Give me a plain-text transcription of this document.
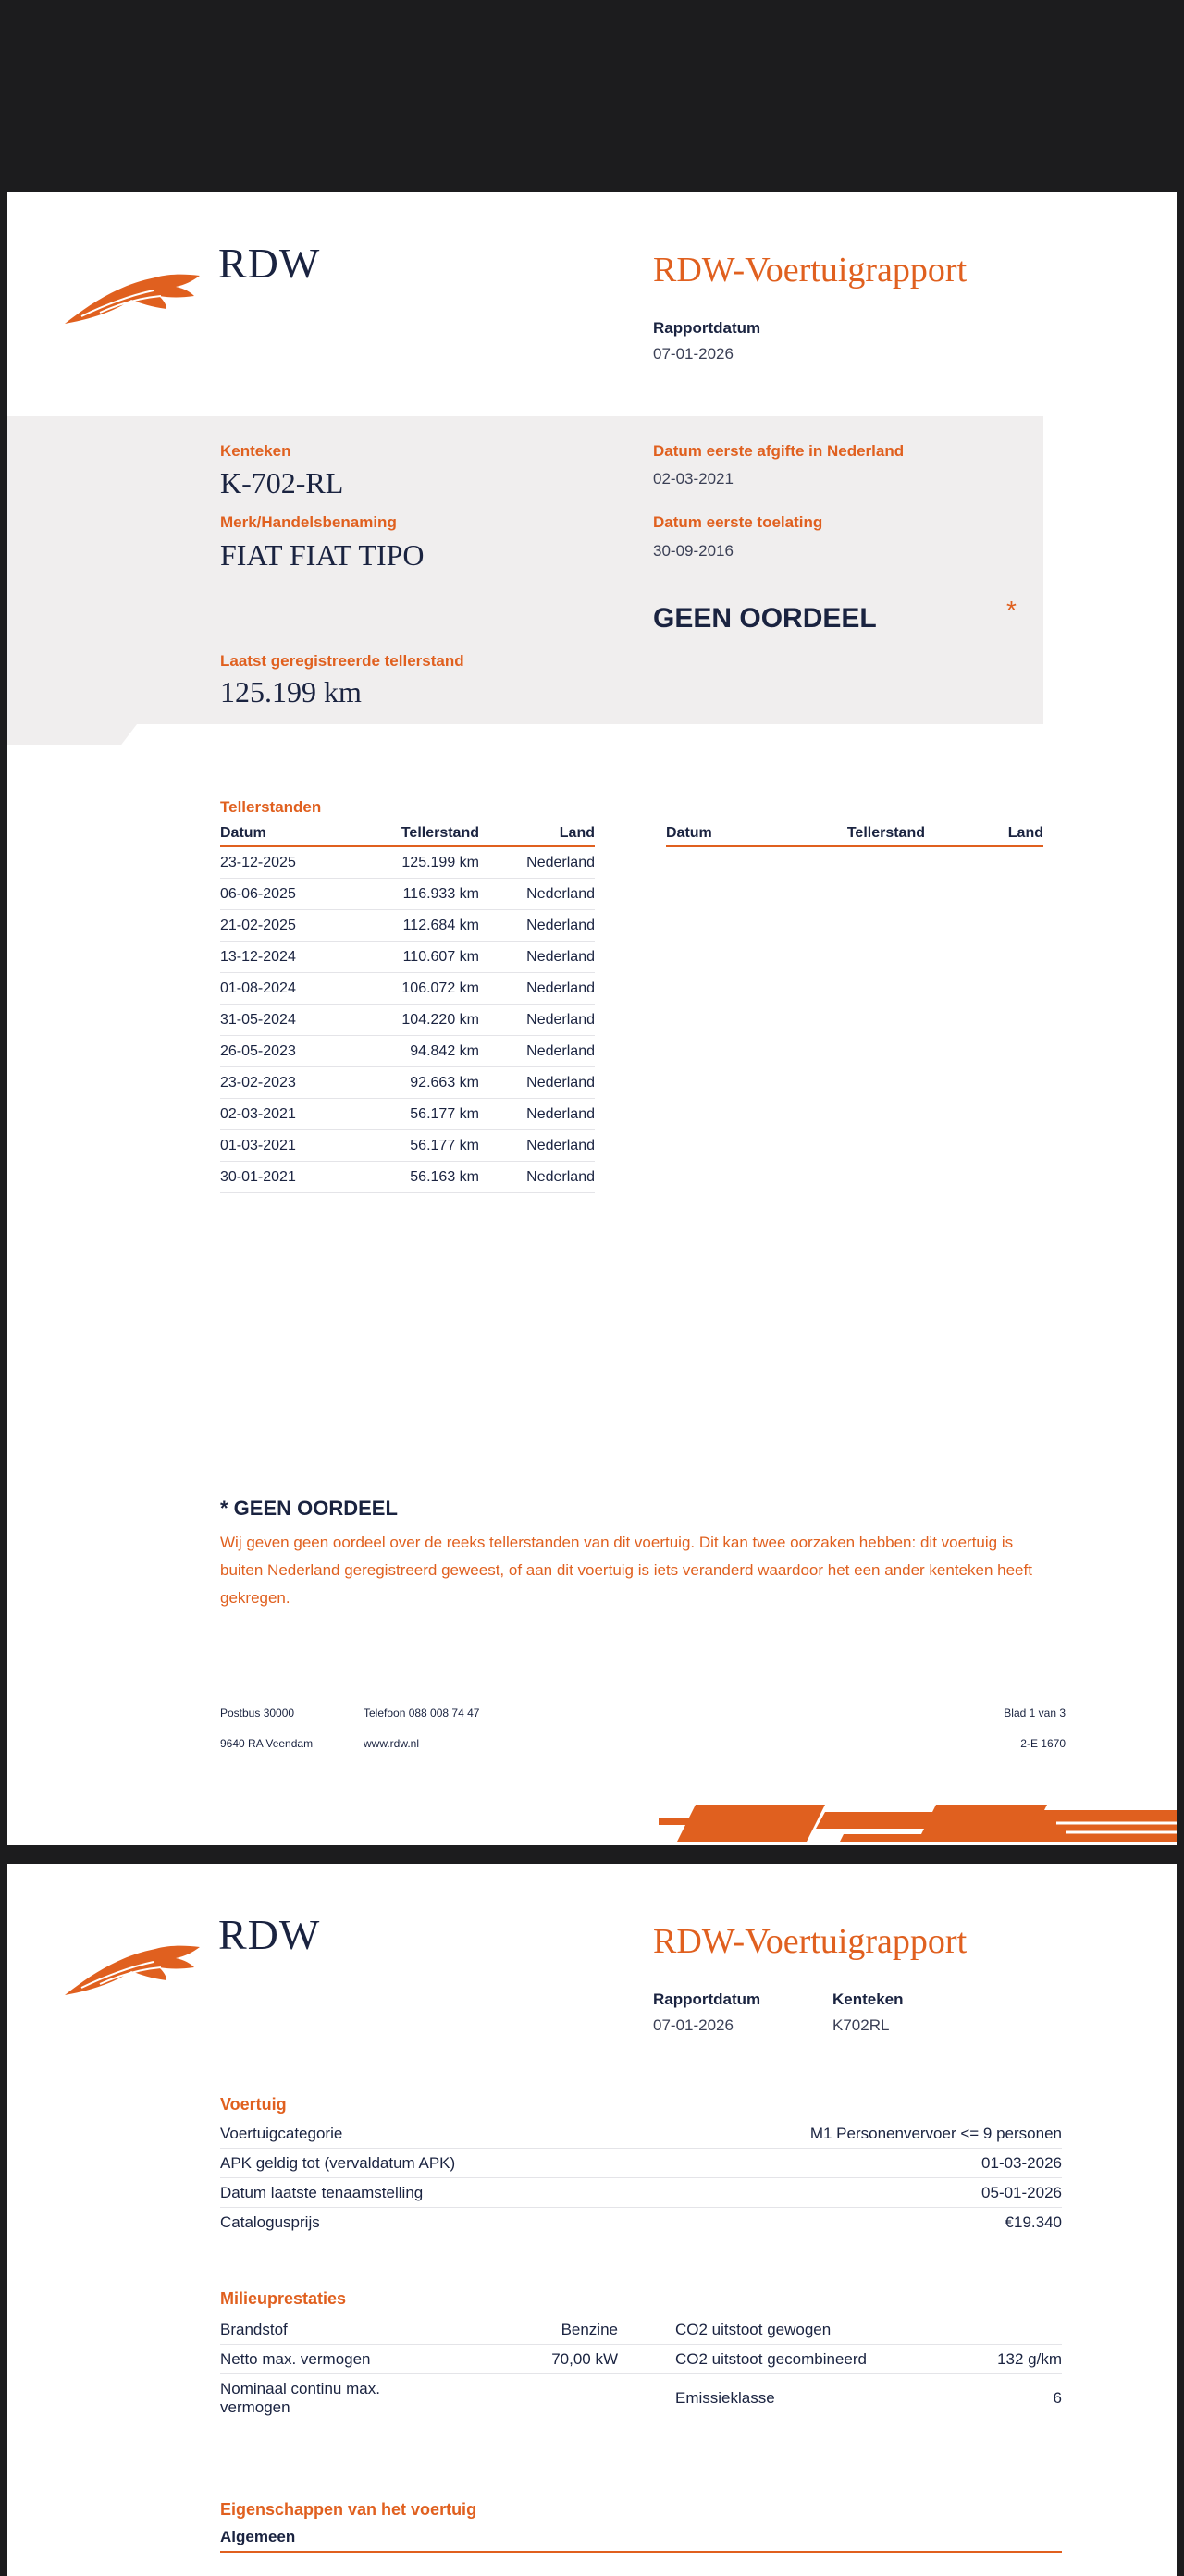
RDW	RDW-Voertuigrapport
Rapportdatum
07-01-2026
Kenteken
K-702-RL
Merk/Handelsbenaming
FIAT FIAT TIPO
Datum eerste afgifte in Nederland
02-03-2021
Datum eerste toelating
30-09-2016
GEEN OORDEEL	*
Laatst geregistreerde tellerstand
125.199 km
Tellerstanden
Datum	Tellerstand	Land
23-12-2025	125.199 km	Nederland
06-06-2025	116.933 km	Nederland
21-02-2025	112.684 km	Nederland
13-12-2024	110.607 km	Nederland
01-08-2024	106.072 km	Nederland
31-05-2024	104.220 km	Nederland
26-05-2023	94.842 km	Nederland
23-02-2023	92.663 km	Nederland
02-03-2021	56.177 km	Nederland
01-03-2021	56.177 km	Nederland
30-01-2021	56.163 km	Nederland
Datum	Tellerstand	Land
* GEEN OORDEEL
Wij geven geen oordeel over de reeks tellerstanden van dit voertuig. Dit kan twee oorzaken hebben: dit voertuig is buiten Nederland geregistreerd geweest, of aan dit voertuig is iets veranderd waardoor het een ander kenteken heeft gekregen.
Postbus 30000
9640 RA Veendam
Telefoon 088 008 74 47
www.rdw.nl
Blad 1 van 3
2-E 1670
RDW	RDW-Voertuigrapport
Rapportdatum
07-01-2026
Kenteken
K702RL
Voertuig
Voertuigcategorie	M1 Personenvervoer <= 9 personen
APK geldig tot (vervaldatum APK)	01-03-2026
Datum laatste tenaamstelling	05-01-2026
Catalogusprijs	€19.340
Milieuprestaties
Brandstof	Benzine	CO2 uitstoot gewogen	
Netto max. vermogen	70,00 kW	CO2 uitstoot gecombineerd	132 g/km
Nominaal continu max. vermogen		Emissieklasse	6
Eigenschappen van het voertuig
Algemeen
